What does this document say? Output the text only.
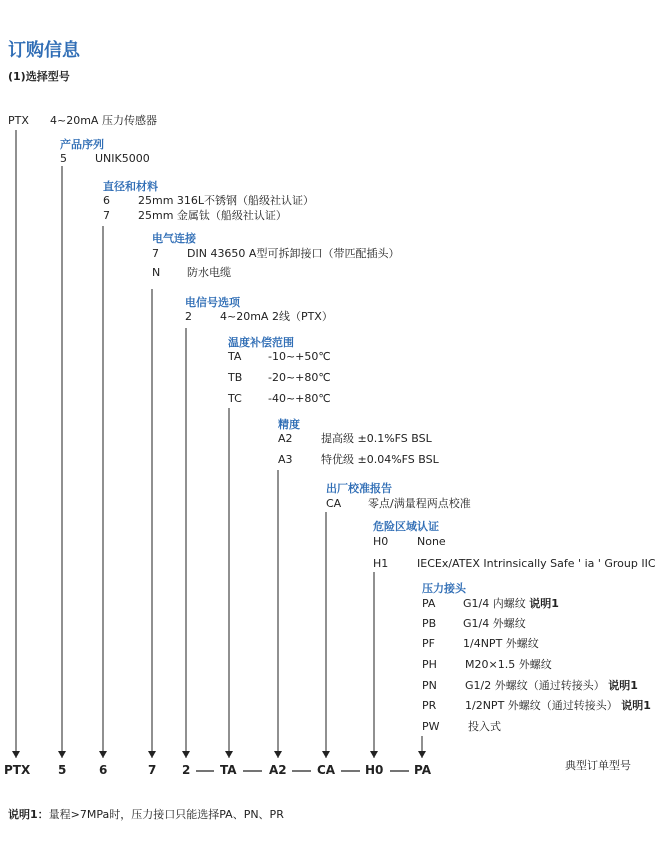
订购信息
(1)选择型号
PTX 4~20mA 压力传感器
产品序列
5	UNIK5000
直径和材料
6	25mm 316L不锈钢（船级社认证）
7	25mm 金属钛（船级社认证）
电气连接
7	DIN 43650 A型可拆卸接口（带匹配插头）
N 防水电缆
电信号选项
2	4~20mA 2线（PTX）
温度补偿范围
TA -10~+50℃
TB -20~+80℃
TC -40~+80℃
精度
A2	提高级 ±0.1%FS BSL
A3	特优级 ±0.04%FS BSL
出厂校准报告
CA 零点/满量程两点校准
危险区域认证
H0	None
H1	IECEx/ATEX Intrinsically Safe ' ia ' Group IIC
压力接头
PA	G1/4 内螺纹 说明1
PB G1/4 外螺纹
PF	1/4NPT 外螺纹
PH	M20×1.5 外螺纹
PN	G1/2 外螺纹（通过转接头） 说明1
PR	1/2NPT 外螺纹（通过转接头） 说明1
PW	投入式
PTX 5	6	7 2 TA	A2	CA H0	PA	典型订单型号
说明1：量程>7MPa时，压力接口只能选择PA、PN、PR
